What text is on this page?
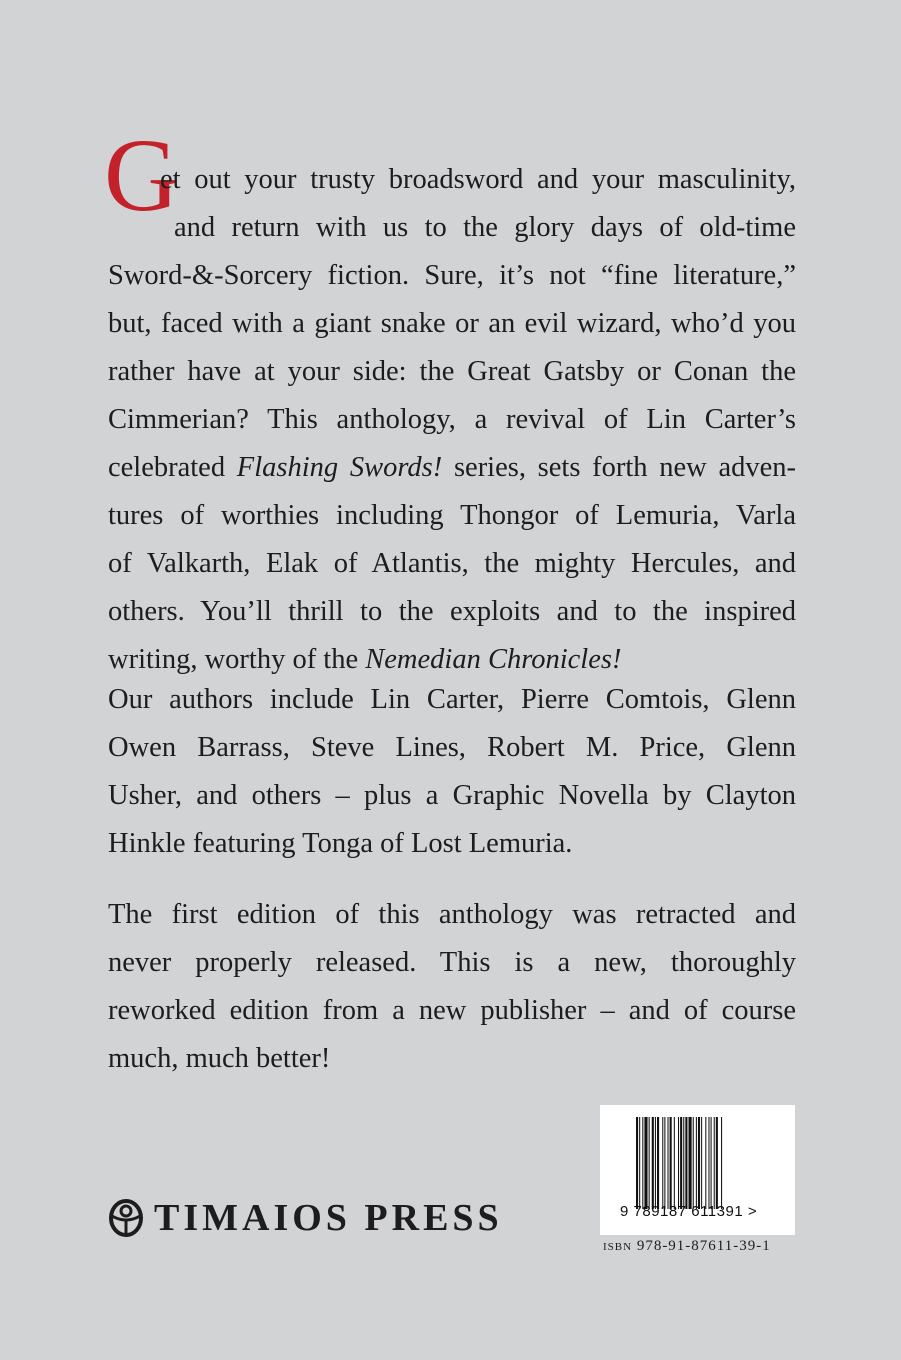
G
et out your trusty broadsword and your masculinity,
and return with us to the glory days of old-time
Sword-&-Sorcery fiction. Sure, it’s not “fine literature,”
but, faced with a giant snake or an evil wizard, who’d you
rather have at your side: the Great Gatsby or Conan the
Cimmerian? This anthology, a revival of Lin Carter’s
celebrated Flashing Swords! series, sets forth new adven-
tures of worthies including Thongor of Lemuria, Varla
of Valkarth, Elak of Atlantis, the mighty Hercules, and
others. You’ll thrill to the exploits and to the inspired
writing, worthy of the Nemedian Chronicles!
Our authors include Lin Carter, Pierre Comtois, Glenn
Owen Barrass, Steve Lines, Robert M. Price, Glenn
Usher, and others – plus a Graphic Novella by Clayton
Hinkle featuring Tonga of Lost Lemuria.
The first edition of this anthology was retracted and
never properly released. This is a new, thoroughly
reworked edition from a new publisher – and of course
much, much better!
TIMAIOS PRESS	9 789187 611391 >
ISBN 978-91-87611-39-1
